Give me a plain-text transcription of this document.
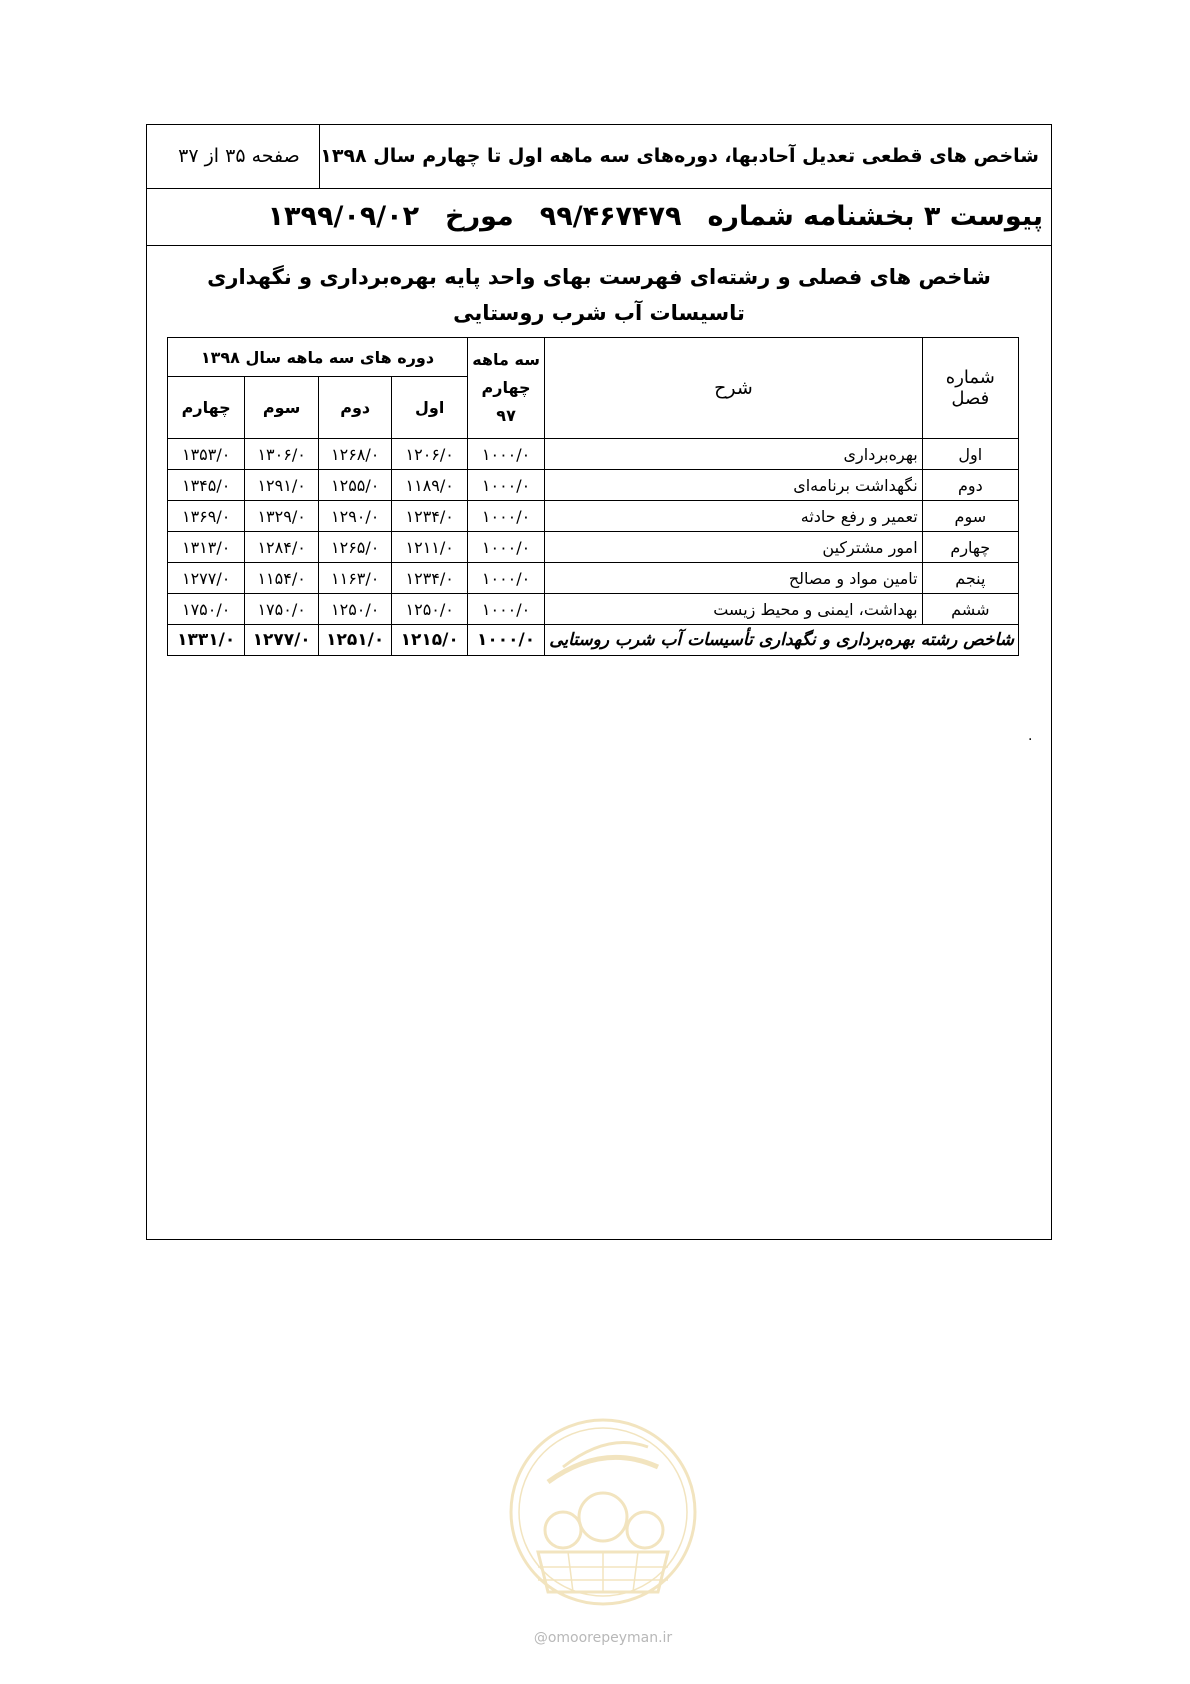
شاخص های قطعی تعدیل آحادبها، دوره‌های سه ماهه اول تا چهارم سال ۱۳۹۸
صفحه ۳۵ از ۳۷
پیوست ۳ بخشنامه شماره۹۹/۴۶۷۴۷۹مورخ۱۳۹۹/۰۹/۰۲
شاخص های فصلی و رشته‌ای فهرست بهای واحد پایه بهره‌برداری و نگهداری
تاسیسات آب شرب روستایی
شماره فصل	شرح	سه ماهه چهارم ۹۷	دوره های سه ماهه سال ۱۳۹۸			
			اول	دوم	سوم	چهارم
اول	بهره‌برداری	۱۰۰۰/۰	۱۲۰۶/۰	۱۲۶۸/۰	۱۳۰۶/۰	۱۳۵۳/۰
دوم	نگهداشت برنامه‌ای	۱۰۰۰/۰	۱۱۸۹/۰	۱۲۵۵/۰	۱۲۹۱/۰	۱۳۴۵/۰
سوم	تعمیر و رفع حادثه	۱۰۰۰/۰	۱۲۳۴/۰	۱۲۹۰/۰	۱۳۲۹/۰	۱۳۶۹/۰
چهارم	امور مشترکین	۱۰۰۰/۰	۱۲۱۱/۰	۱۲۶۵/۰	۱۲۸۴/۰	۱۳۱۳/۰
پنجم	تامین مواد و مصالح	۱۰۰۰/۰	۱۲۳۴/۰	۱۱۶۳/۰	۱۱۵۴/۰	۱۲۷۷/۰
ششم	بهداشت، ایمنی و محیط زیست	۱۰۰۰/۰	۱۲۵۰/۰	۱۲۵۰/۰	۱۷۵۰/۰	۱۷۵۰/۰
شاخص رشته بهره‌برداری و نگهداری تأسیسات آب شرب روستایی		۱۰۰۰/۰	۱۲۱۵/۰	۱۲۵۱/۰	۱۲۷۷/۰	۱۳۳۱/۰
.
@omoorepeyman.ir
